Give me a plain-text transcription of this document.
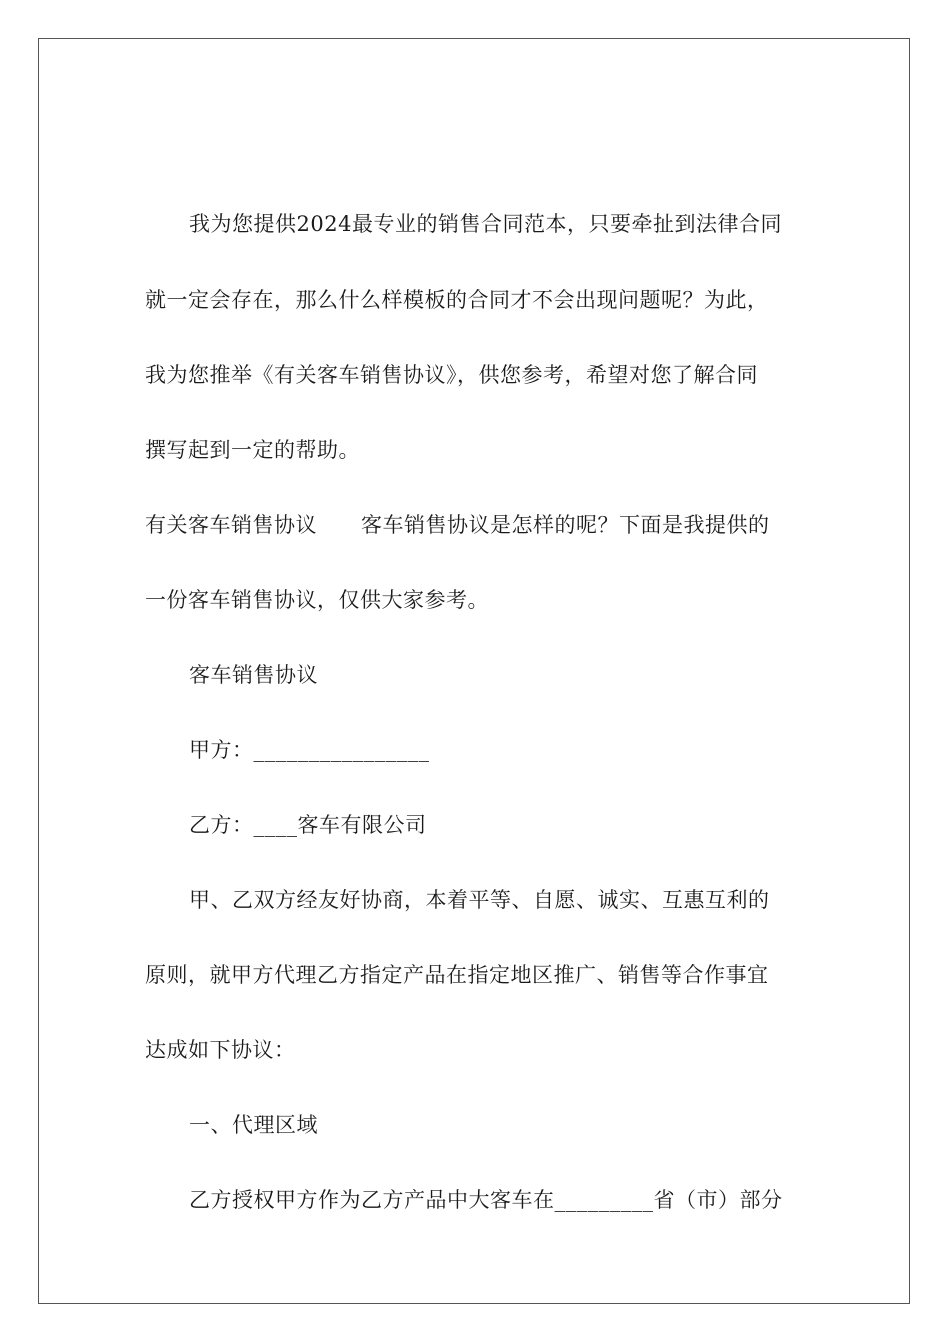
我为您提供2024最专业的销售合同范本，只要牵扯到法律合同
就一定会存在，那么什么样模板的合同才不会出现问题呢？为此，
我为您推举《有关客车销售协议》，供您参考，希望对您了解合同
撰写起到一定的帮助。
有关客车销售协议 客车销售协议是怎样的呢？下面是我提供的
一份客车销售协议，仅供大家参考。
客车销售协议
甲方：________________
乙方：____客车有限公司
甲、乙双方经友好协商，本着平等、自愿、诚实、互惠互利的
原则，就甲方代理乙方指定产品在指定地区推广、销售等合作事宜
达成如下协议：
一、代理区域
乙方授权甲方作为乙方产品中大客车在_________省（市）部分
